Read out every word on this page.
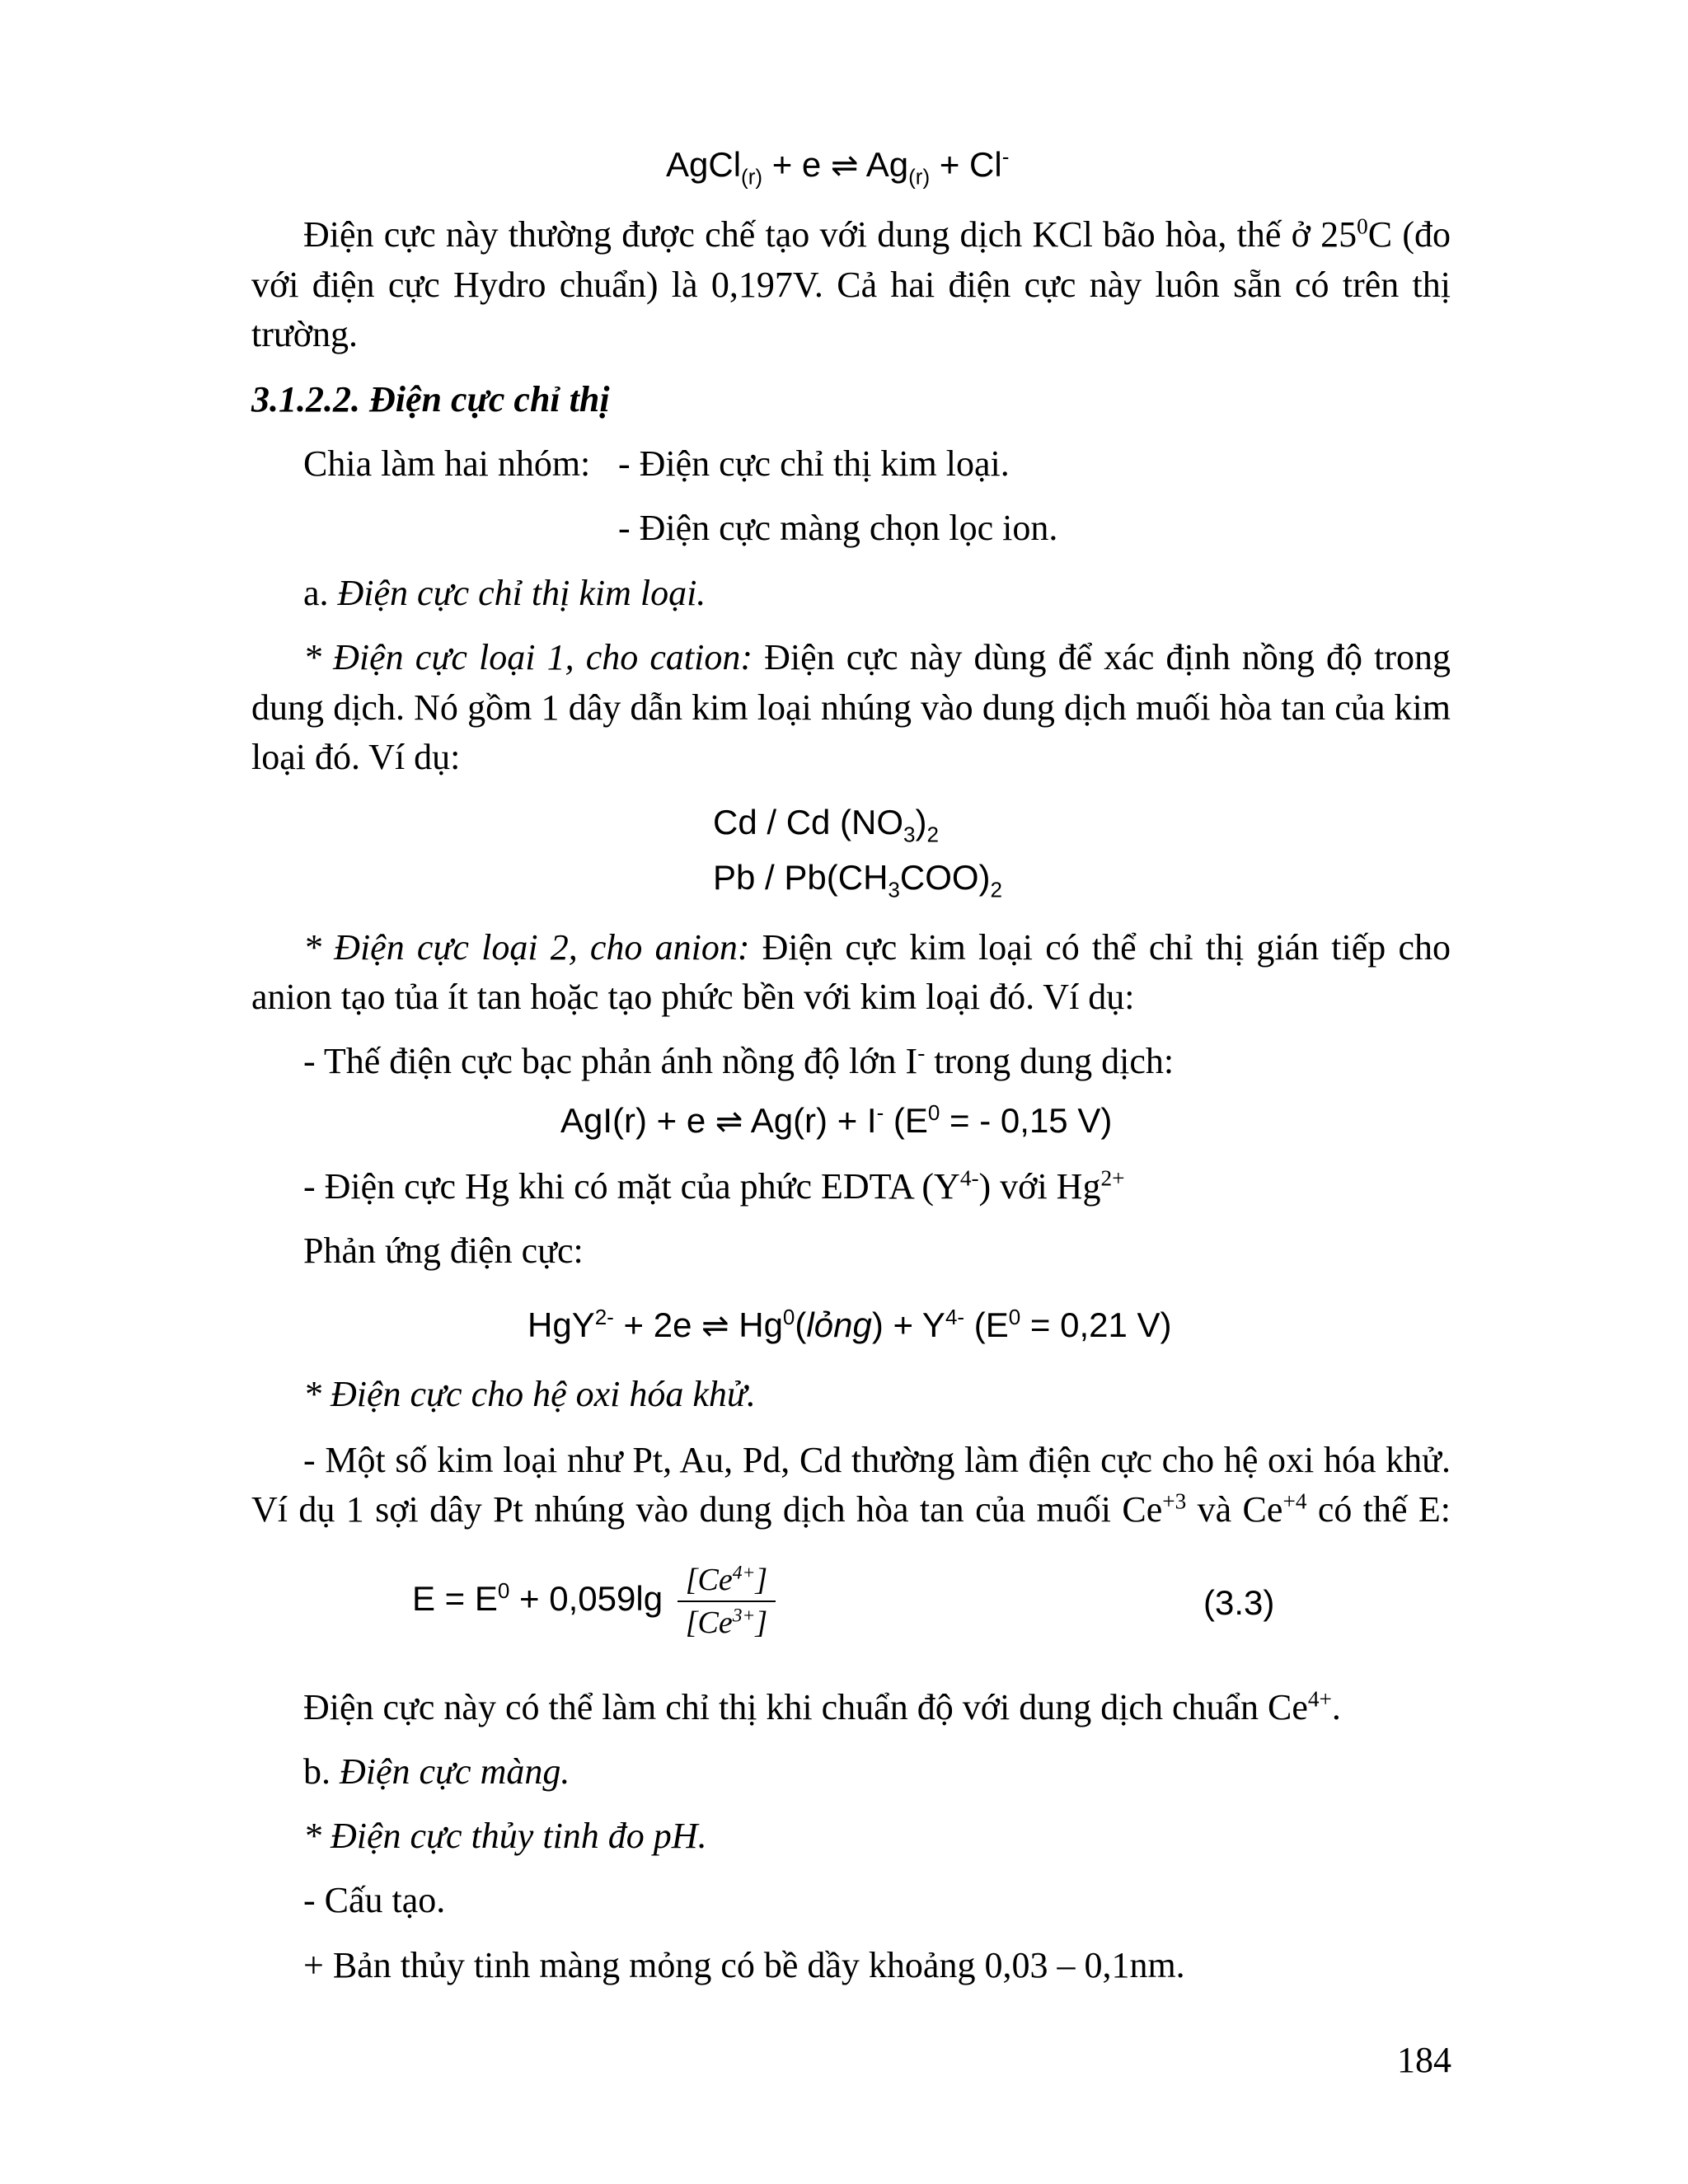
AgCl$_{(r)}$ + e ⇌ $Ag_{(r)} + Cl^-$
Điện cực này thường được chế tạo với dung dịch KCl bão hòa, thế ở $25^0C$ (đo
với điện cực Hydro chuẩn) là 0,197V. Cả hai điện cực này luôn sẵn có trên thị
trường.
3.1.2.2. Điện cực chỉ thị
Chia làm hai nhóm: - Điện cực chỉ thị kim loại.
- Điện cực màng chọn lọc ion.
a. Điện cực chỉ thị kim loại.
* Điện cực loại 1, cho cation: Điện cực này dùng để xác định nồng độ trong
dung dịch. Nó gồm 1 dây dẫn kim loại nhúng vào dung dịch muối hòa tan của kim
loại đó. Ví dụ:
Cd / Cd $(NO_3)_2$
Pb / $Pb(CH_3COO)_2$
* Điện cực loại 2, cho anion: Điện cực kim loại có thể chỉ thị gián tiếp cho
anion tạo tủa ít tan hoặc tạo phức bền với kim loại đó. Ví dụ:
- Thế điện cực bạc phản ánh nồng độ lớn I- trong dung dịch:
AgI(r) + e ⇌ Ag(r) + I- ($E^0$ = - 0,15 V)
- Điện cực Hg khi có mặt của phức EDTA $(Y^{4-})$ với $Hg^{2+}$
Phản ứng điện cực:
HgY$^{2-}$ + 2e ⇌ $Hg^0(lỏng) + Y^{4-}$ ($E^0 = 0,21$ V)
* Điện cực cho hệ oxi hóa khử.
- Một số kim loại như Pt, Au, Pd, Cd thường làm điện cực cho hệ oxi hóa khử.
Ví dụ 1 sợi dây Pt nhúng vào dung dịch hòa tan của muối $Ce^{+3}$ và $Ce^{+4}$ có thế E:
$E = E^0 + 0,059\lg \frac{[Ce^{4+}]}{[Ce^{3+}]}$	(3.3)
Điện cực này có thể làm chỉ thị khi chuẩn độ với dung dịch chuẩn $Ce^{4+}$.
b. Điện cực màng.
* Điện cực thủy tinh đo pH.
- Cấu tạo.
+ Bản thủy tinh màng mỏng có bề dầy khoảng 0,03 – 0,1nm.
184
